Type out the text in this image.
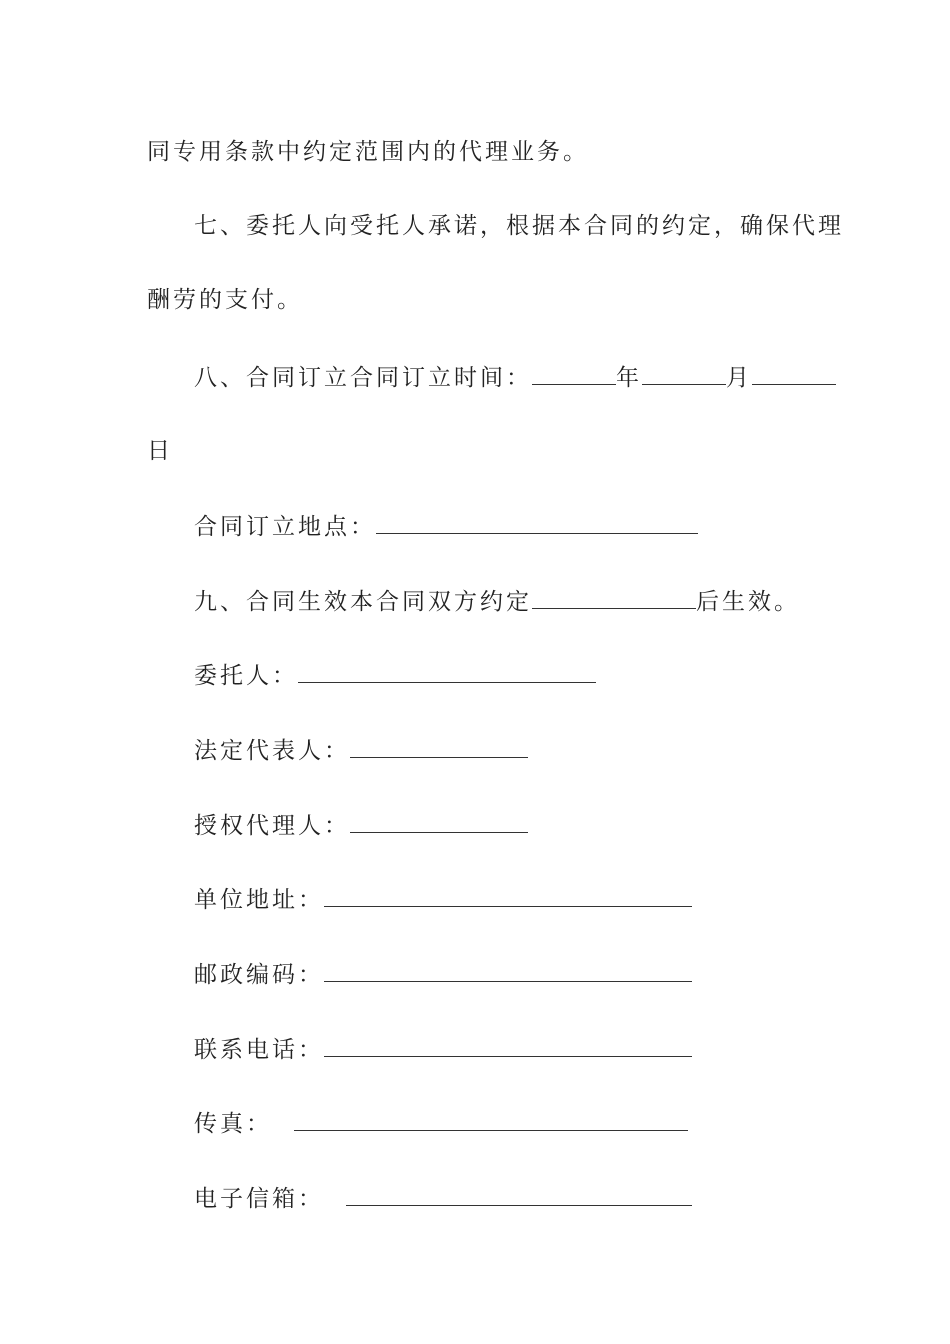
同专用条款中约定范围内的代理业务。
七、委托人向受托人承诺，根据本合同的约定，确保代理
酬劳的支付。
八、合同订立合同订立时间：	年	月
日
合同订立地点：
九、合同生效本合同双方约定	后生效。
委托人：
法定代表人：
授权代理人：
单位地址：
邮政编码：
联系电话：
传真：
电子信箱：
